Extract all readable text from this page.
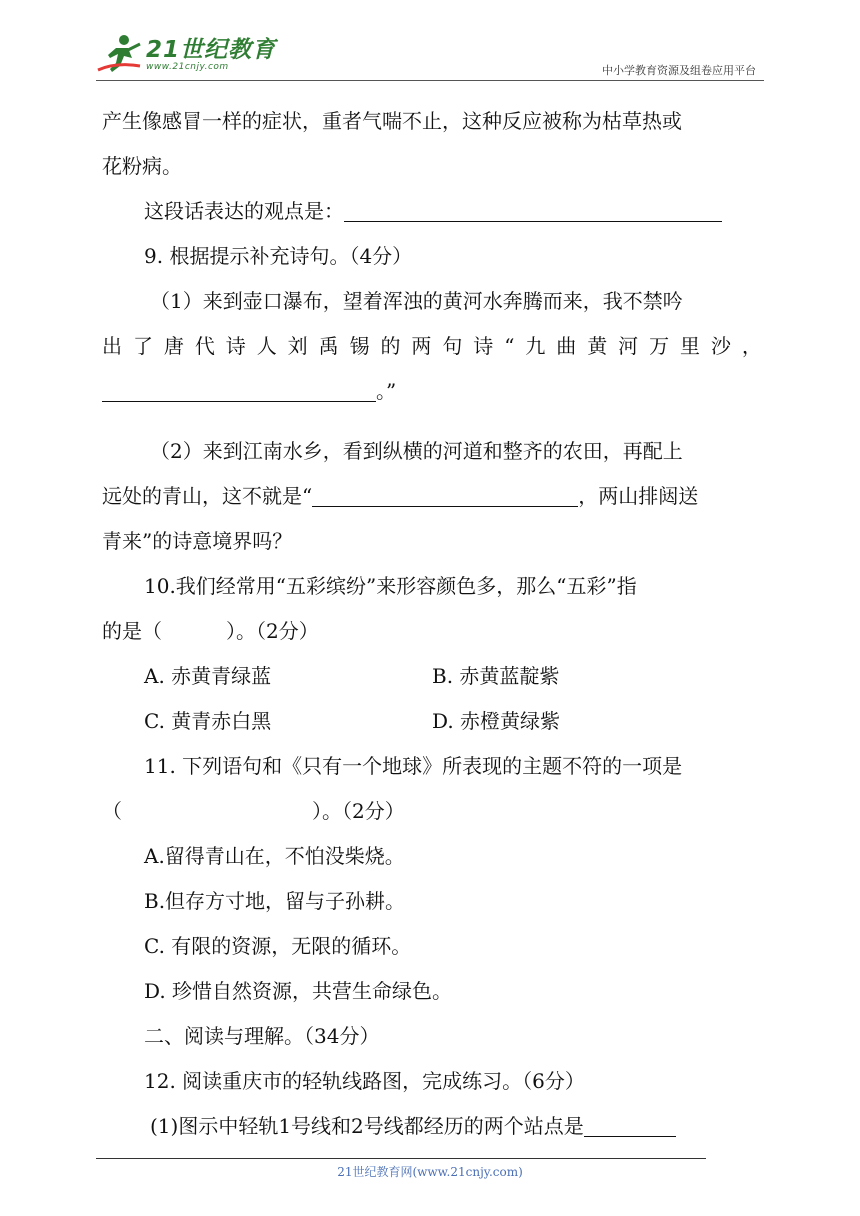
21世纪教育
www.21cnjy.com	中小学教育资源及组卷应用平台
产生像感冒一样的症状，重者气喘不止，这种反应被称为枯草热或
花粉病。
这段话表达的观点是：
9. 根据提示补充诗句。（4分）
（1）来到壶口瀑布，望着浑浊的黄河水奔腾而来，我不禁吟
出 了 唐 代 诗 人 刘 禹 锡 的 两 句 诗 “ 九 曲 黄 河 万 里 沙 ，
。”
（2）来到江南水乡，看到纵横的河道和整齐的农田，再配上
远处的青山，这不就是“	，两山排闼送
青来”的诗意境界吗？
10.我们经常用“五彩缤纷”来形容颜色多，那么“五彩”指
的是（	）。（2分）
A. 赤黄青绿蓝	B. 赤黄蓝靛紫
C. 黄青赤白黑	D. 赤橙黄绿紫
11. 下列语句和《只有一个地球》所表现的主题不符的一项是
（	）。（2分）
A.留得青山在，不怕没柴烧。
B.但存方寸地，留与子孙耕。
C. 有限的资源，无限的循环。
D. 珍惜自然资源，共营生命绿色。
二、阅读与理解。（34分）
12. 阅读重庆市的轻轨线路图，完成练习。（6分）
(1)图示中轻轨1号线和2号线都经历的两个站点是
21世纪教育网(www.21cnjy.com)
